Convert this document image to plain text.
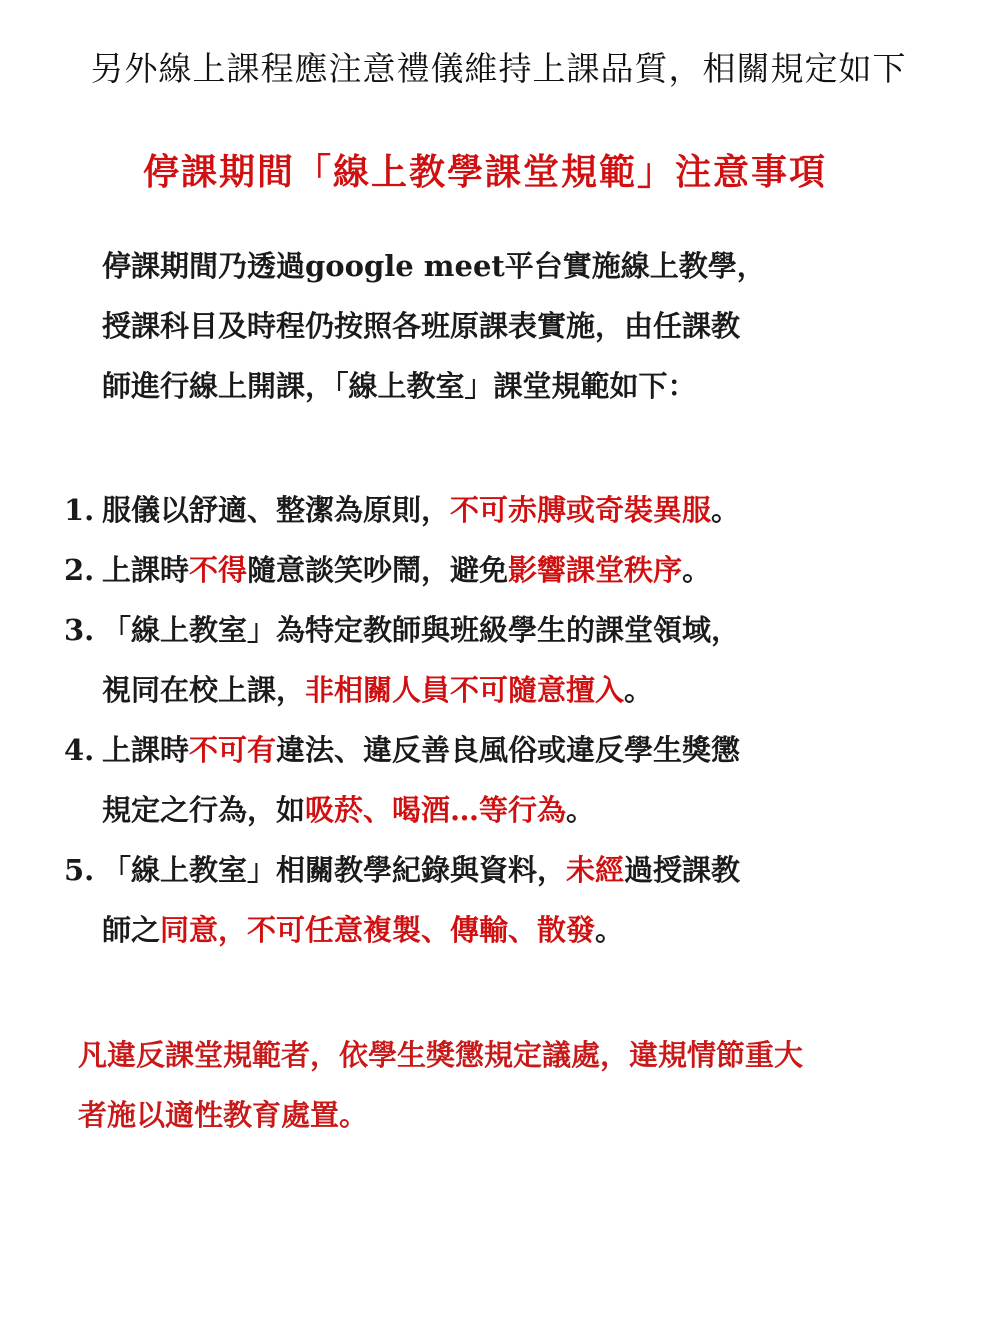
另外線上課程應注意禮儀維持上課品質，相關規定如下
停課期間「線上教學課堂規範」注意事項
停課期間乃透過google meet平台實施線上教學，
授課科目及時程仍按照各班原課表實施，由任課教
師進行線上開課，「線上教室」課堂規範如下：
1. 服儀以舒適、整潔為原則，不可赤膊或奇裝異服。
2. 上課時不得隨意談笑吵鬧，避免影響課堂秩序。
3. 「線上教室」為特定教師與班級學生的課堂領域，
視同在校上課，非相關人員不可隨意擅入。
4. 上課時不可有違法、違反善良風俗或違反學生獎懲
規定之行為，如吸菸、喝酒…等行為。
5. 「線上教室」相關教學紀錄與資料，未經過授課教
師之同意，不可任意複製、傳輸、散發。
凡違反課堂規範者，依學生獎懲規定議處，違規情節重大
者施以適性教育處置。
